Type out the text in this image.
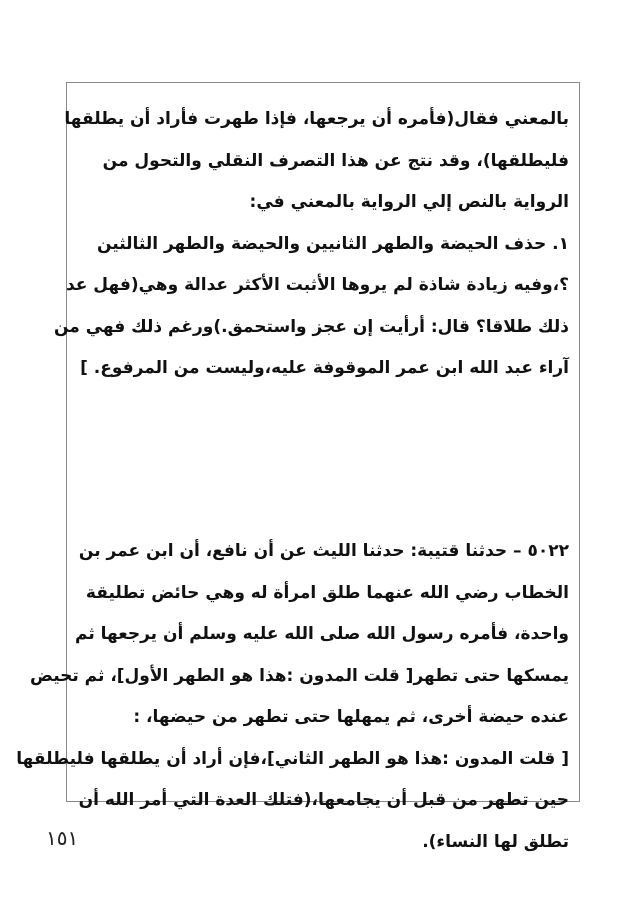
بالمعني فقال(فأمره أن يرجعها، فإذا طهرت فأراد أن يطلقها
فليطلقها)، وقد نتج عن هذا التصرف النقلي والتحول من
الرواية بالنص إلي الرواية بالمعني في:
١. حذف الحيضة والطهر الثانيين والحيضة والطهر الثالثين
؟،وفيه زيادة شاذة لم يروها الأثبت الأكثر عدالة وهي(فهل عد
ذلك طلاقا؟ قال: أرأيت إن عجز واستحمق.)ورغم ذلك فهي من
آراء عبد الله ابن عمر الموقوفة عليه،وليست من المرفوع. ]
٥٠٢٢ – حدثنا قتيبة: حدثنا الليث عن أن نافع، أن ابن عمر بن
الخطاب رضي الله عنهما طلق امرأة له وهي حائض تطليقة
واحدة، فأمره رسول الله صلى الله عليه وسلم أن يرجعها ثم
يمسكها حتى تطهر[ قلت المدون :هذا هو الطهر الأول]، ثم تحيض
عنده حيضة أخرى، ثم يمهلها حتى تطهر من حيضها، :
[ قلت المدون :هذا هو الطهر الثاني]،فإن أراد أن يطلقها فليطلقها
حين تطهر من قبل أن يجامعها،(فتلك العدة التي أمر الله أن
تطلق لها النساء).
١٥١
